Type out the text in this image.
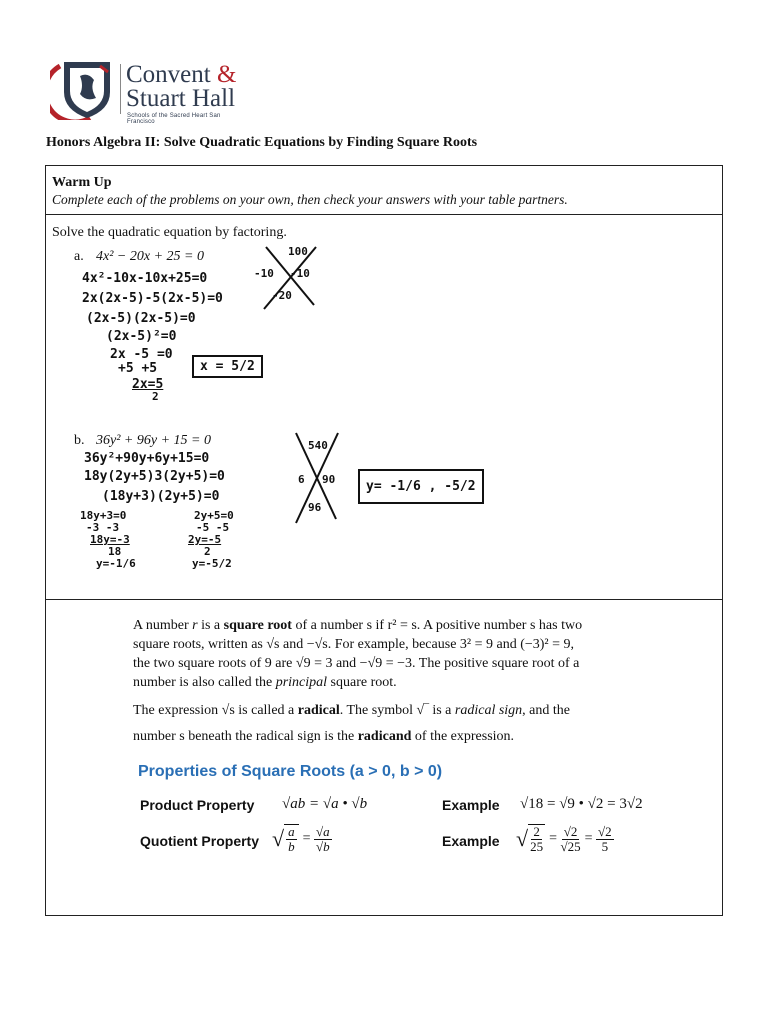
Convent &
Stuart Hall
Schools of the Sacred Heart San Francisco
Honors Algebra II: Solve Quadratic Equations by Finding Square Roots
Warm Up
Complete each of the problems on your own, then check your answers with your table partners.
Solve the quadratic equation by factoring.
a. 4x² − 20x + 25 = 0
4x²-10x-10x+25=0
2x(2x-5)-5(2x-5)=0
(2x-5)(2x-5)=0
(2x-5)²=0
2x -5 =0
+5 +5
2x=5
2
100
-10 -10
-20
x = 5/2
b. 36y² + 96y + 15 = 0
36y²+90y+6y+15=0
18y(2y+5)3(2y+5)=0
(18y+3)(2y+5)=0
18y+3=0
-3 -3
18y=-3
18
y=-1/6
2y+5=0
-5 -5
2y=-5
2
y=-5/2
540
6 90
96
y= -1/6 , -5/2
A number r is a square root of a number s if r² = s. A positive number s has two
square roots, written as √s and −√s. For example, because 3² = 9 and (−3)² = 9,
the two square roots of 9 are √9 = 3 and −√9 = −3. The positive square root of a
number is also called the principal square root.
The expression √s is called a radical. The symbol √‾ is a radical sign, and the
number s beneath the radical sign is the radicand of the expression.
Properties of Square Roots (a > 0, b > 0)
Product Property √ab = √a • √b	Example √18 = √9 • √2 = 3√2
Quotient Property √ $\frac{a}{b} = \frac{√a}{√b}$	Example √ $\frac{2}{25} = \frac{√2}{√25} = \frac{√2}{5}$
